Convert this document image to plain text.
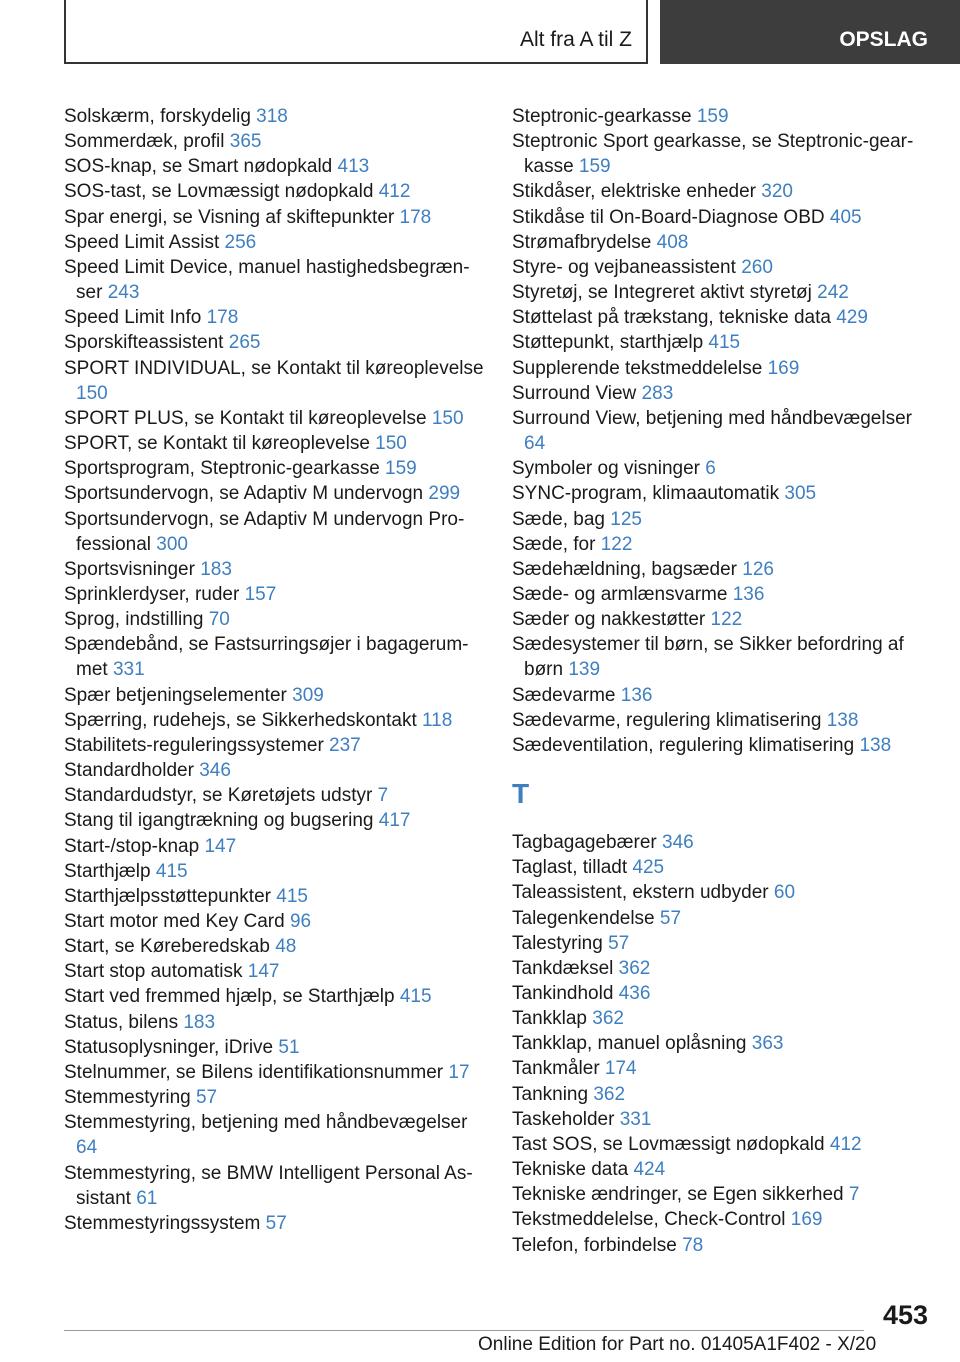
Alt fra A til Z	OPSLAG
Solskærm, forskydelig 318
Sommerdæk, profil 365
SOS-knap, se Smart nødopkald 413
SOS-tast, se Lovmæssigt nødopkald 412
Spar energi, se Visning af skiftepunkter 178
Speed Limit Assist 256
Speed Limit Device, manuel hastighedsbegrænser 243
Speed Limit Info 178
Sporskifteassistent 265
SPORT INDIVIDUAL, se Kontakt til køreoplevelse 150
SPORT PLUS, se Kontakt til køreoplevelse 150
SPORT, se Kontakt til køreoplevelse 150
Sportsprogram, Steptronic-gearkasse 159
Sportsundervogn, se Adaptiv M undervogn 299
Sportsundervogn, se Adaptiv M undervogn Professional 300
Sportsvisninger 183
Sprinklerdyser, ruder 157
Sprog, indstilling 70
Spændebånd, se Fastsurringsøjer i bagagerummet 331
Spær betjeningselementer 309
Spærring, rudehejs, se Sikkerhedskontakt 118
Stabilitets-reguleringssystemer 237
Standardholder 346
Standardudstyr, se Køretøjets udstyr 7
Stang til igangtrækning og bugsering 417
Start-/stop-knap 147
Starthjælp 415
Starthjælpsstøttepunkter 415
Start motor med Key Card 96
Start, se Køreberedskab 48
Start stop automatisk 147
Start ved fremmed hjælp, se Starthjælp 415
Status, bilens 183
Statusoplysninger, iDrive 51
Stelnummer, se Bilens identifikationsnummer 17
Stemmestyring 57
Stemmestyring, betjening med håndbevægelser 64
Stemmestyring, se BMW Intelligent Personal Assistant 61
Stemmestyringssystem 57
Steptronic-gearkasse 159
Steptronic Sport gearkasse, se Steptronic-gearkasse 159
Stikdåser, elektriske enheder 320
Stikdåse til On-Board-Diagnose OBD 405
Strømafbrydelse 408
Styre- og vejbaneassistent 260
Styretøj, se Integreret aktivt styretøj 242
Støttelast på trækstang, tekniske data 429
Støttepunkt, starthjælp 415
Supplerende tekstmeddelelse 169
Surround View 283
Surround View, betjening med håndbevægelser 64
Symboler og visninger 6
SYNC-program, klimaautomatik 305
Sæde, bag 125
Sæde, for 122
Sædehældning, bagsæder 126
Sæde- og armlænsvarme 136
Sæder og nakkestøtter 122
Sædesystemer til børn, se Sikker befordring af børn 139
Sædevarme 136
Sædevarme, regulering klimatisering 138
Sædeventilation, regulering klimatisering 138
T
Tagbagagebærer 346
Taglast, tilladt 425
Taleassistent, ekstern udbyder 60
Talegenkendelse 57
Talestyring 57
Tankdæksel 362
Tankindhold 436
Tankklap 362
Tankklap, manuel oplåsning 363
Tankmåler 174
Tankning 362
Taskeholder 331
Tast SOS, se Lovmæssigt nødopkald 412
Tekniske data 424
Tekniske ændringer, se Egen sikkerhed 7
Tekstmeddelelse, Check-Control 169
Telefon, forbindelse 78
453
Online Edition for Part no. 01405A1F402 - X/20
